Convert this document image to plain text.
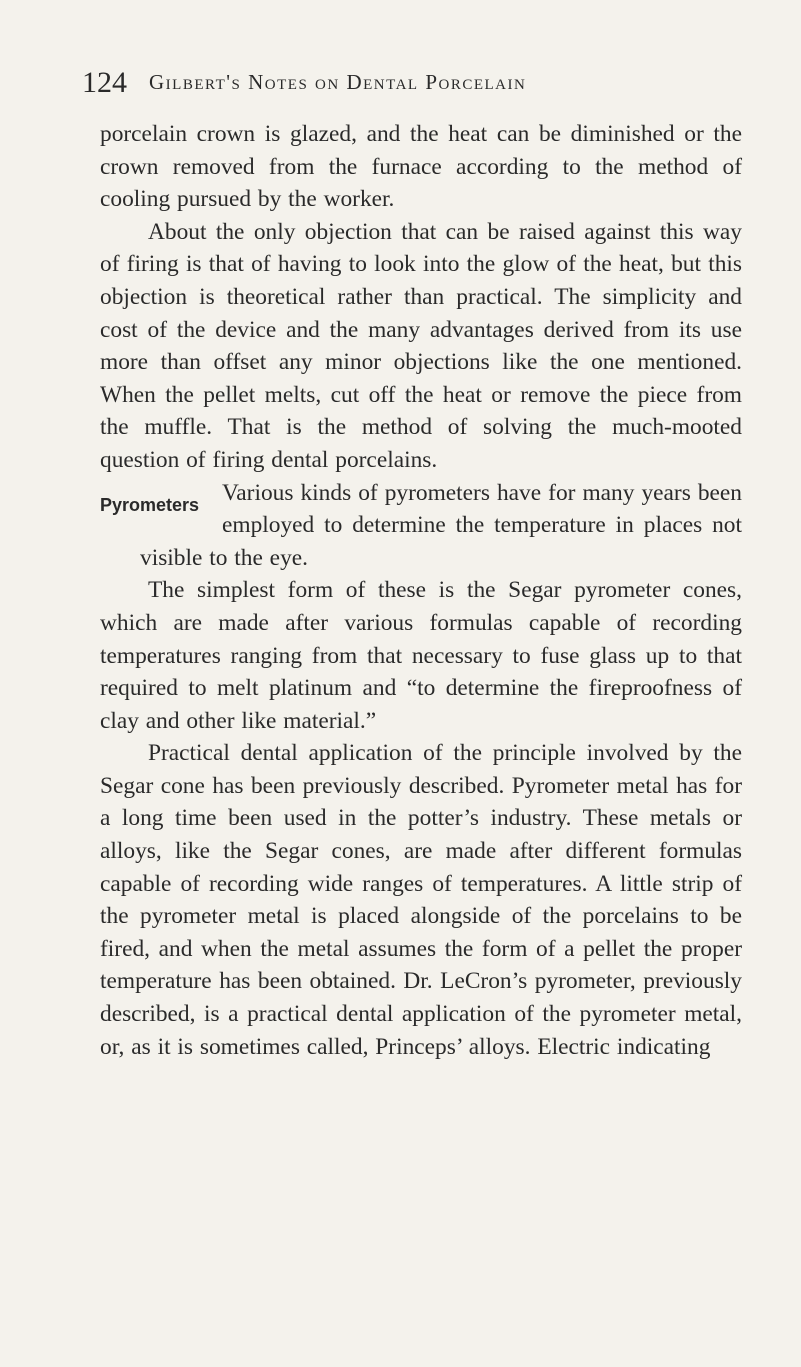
124 Gilbert's Notes on Dental Porcelain

porcelain crown is glazed, and the heat can be diminished or the crown removed from the furnace according to the method of cooling pursued by the worker.

About the only objection that can be raised against this way of firing is that of having to look into the glow of the heat, but this objection is theoretical rather than practical. The simplicity and cost of the device and the many advantages derived from its use more than offset any minor objections like the one mentioned. When the pellet melts, cut off the heat or remove the piece from the muffle. That is the method of solving the much-mooted question of firing dental porcelains.

Pyrometers Various kinds of pyrometers have for many years been employed to determine the temperature in places not visible to the eye.

The simplest form of these is the Segar pyrometer cones, which are made after various formulas capable of recording temperatures ranging from that necessary to fuse glass up to that required to melt platinum and “to determine the fireproofness of clay and other like material.”

Practical dental application of the principle involved by the Segar cone has been previously described. Pyrometer metal has for a long time been used in the potter’s industry. These metals or alloys, like the Segar cones, are made after different formulas capable of recording wide ranges of temperatures. A little strip of the pyrometer metal is placed alongside of the porcelains to be fired, and when the metal assumes the form of a pellet the proper temperature has been obtained. Dr. LeCron’s pyrometer, previously described, is a practical dental application of the pyrometer metal, or, as it is sometimes called, Princeps’ alloys. Electric indicating
